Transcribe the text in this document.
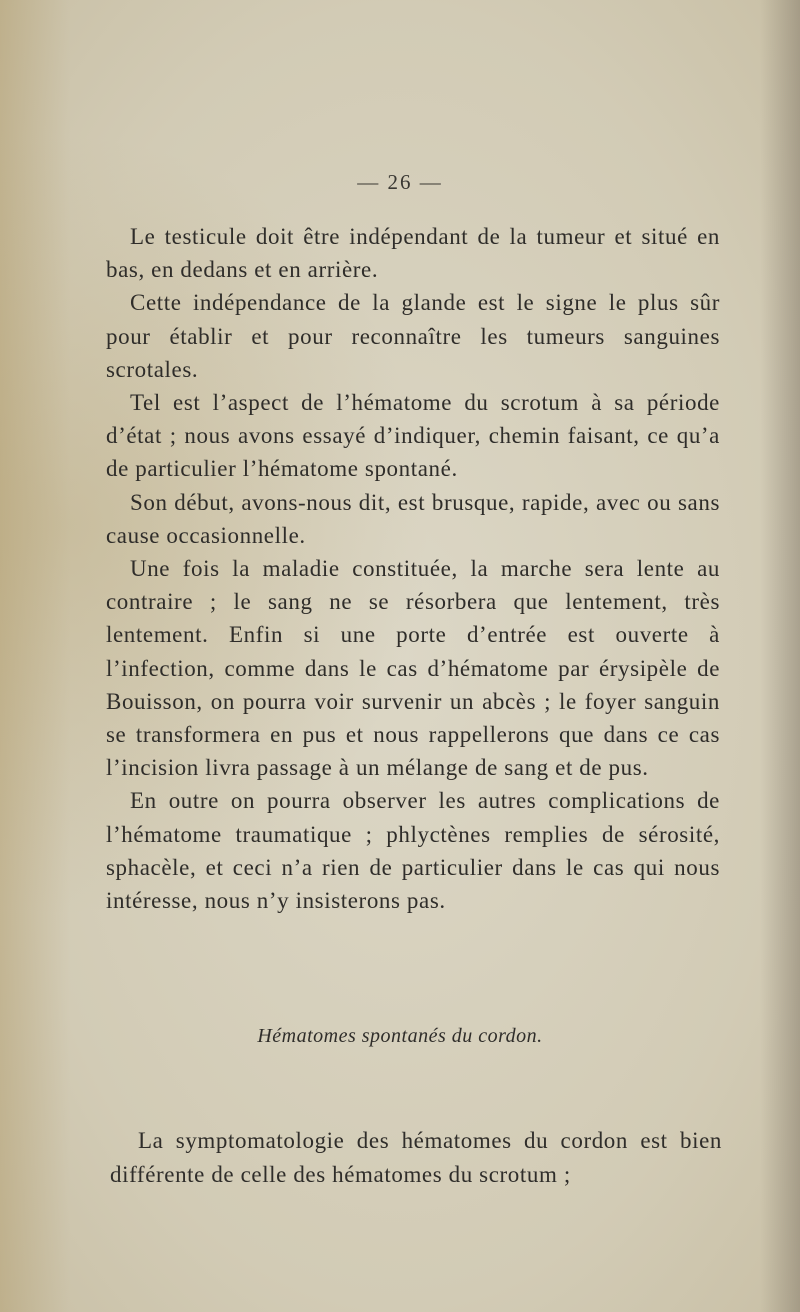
— 26 —

Le testicule doit être indépendant de la tumeur et situé en bas, en dedans et en arrière.

Cette indépendance de la glande est le signe le plus sûr pour établir et pour reconnaître les tumeurs sanguines scrotales.

Tel est l’aspect de l’hématome du scrotum à sa période d’état ; nous avons essayé d’indiquer, chemin faisant, ce qu’a de particulier l’hématome spontané.

Son début, avons-nous dit, est brusque, rapide, avec ou sans cause occasionnelle.

Une fois la maladie constituée, la marche sera lente au contraire ; le sang ne se résorbera que lentement, très lentement. Enfin si une porte d’entrée est ouverte à l’infection, comme dans le cas d’hématome par érysipèle de Bouisson, on pourra voir survenir un abcès ; le foyer sanguin se transformera en pus et nous rappellerons que dans ce cas l’incision livra passage à un mélange de sang et de pus.

En outre on pourra observer les autres complications de l’hématome traumatique ; phlyctènes remplies de sérosité, sphacèle, et ceci n’a rien de particulier dans le cas qui nous intéresse, nous n’y insisterons pas.

Hématomes spontanés du cordon.

La symptomatologie des hématomes du cordon est bien différente de celle des hématomes du scrotum ;
